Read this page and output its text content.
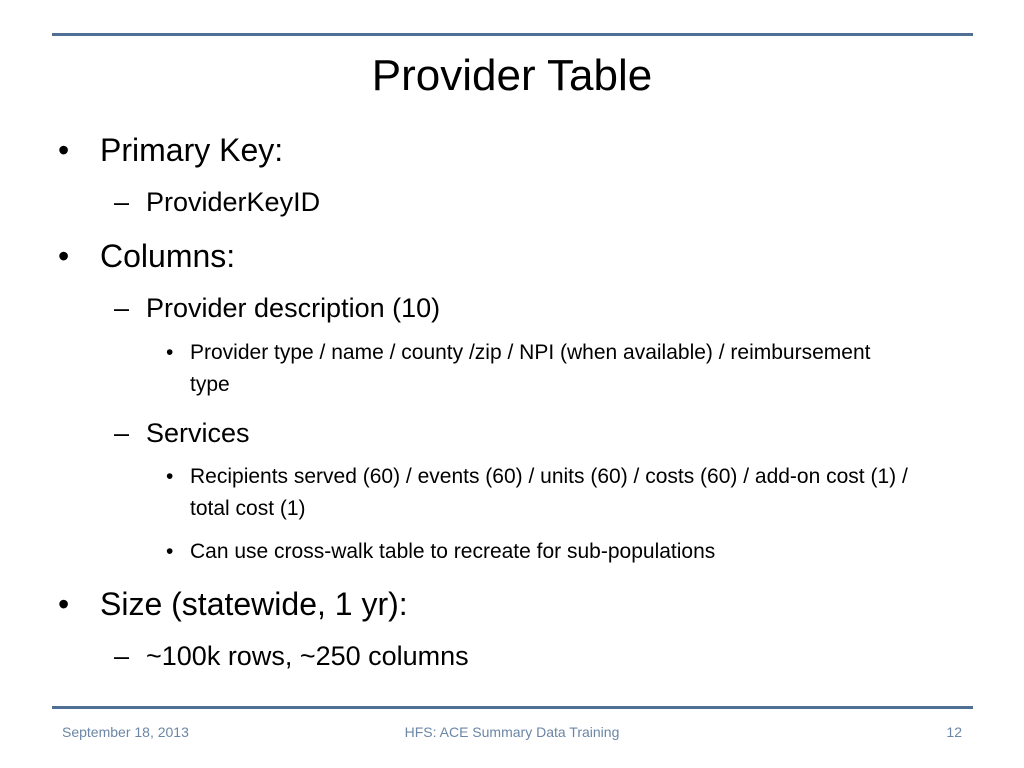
Provider Table
• Primary Key:
– ProviderKeyID
• Columns:
– Provider description (10)
• Provider type / name / county /zip / NPI (when available) / reimbursement type
– Services
• Recipients served (60) / events (60) / units (60) / costs (60) / add-on cost (1) / total cost (1)
• Can use cross-walk table to recreate for sub-populations
• Size (statewide, 1 yr):
– ~100k rows, ~250 columns
September 18, 2013	HFS: ACE Summary Data Training	12
